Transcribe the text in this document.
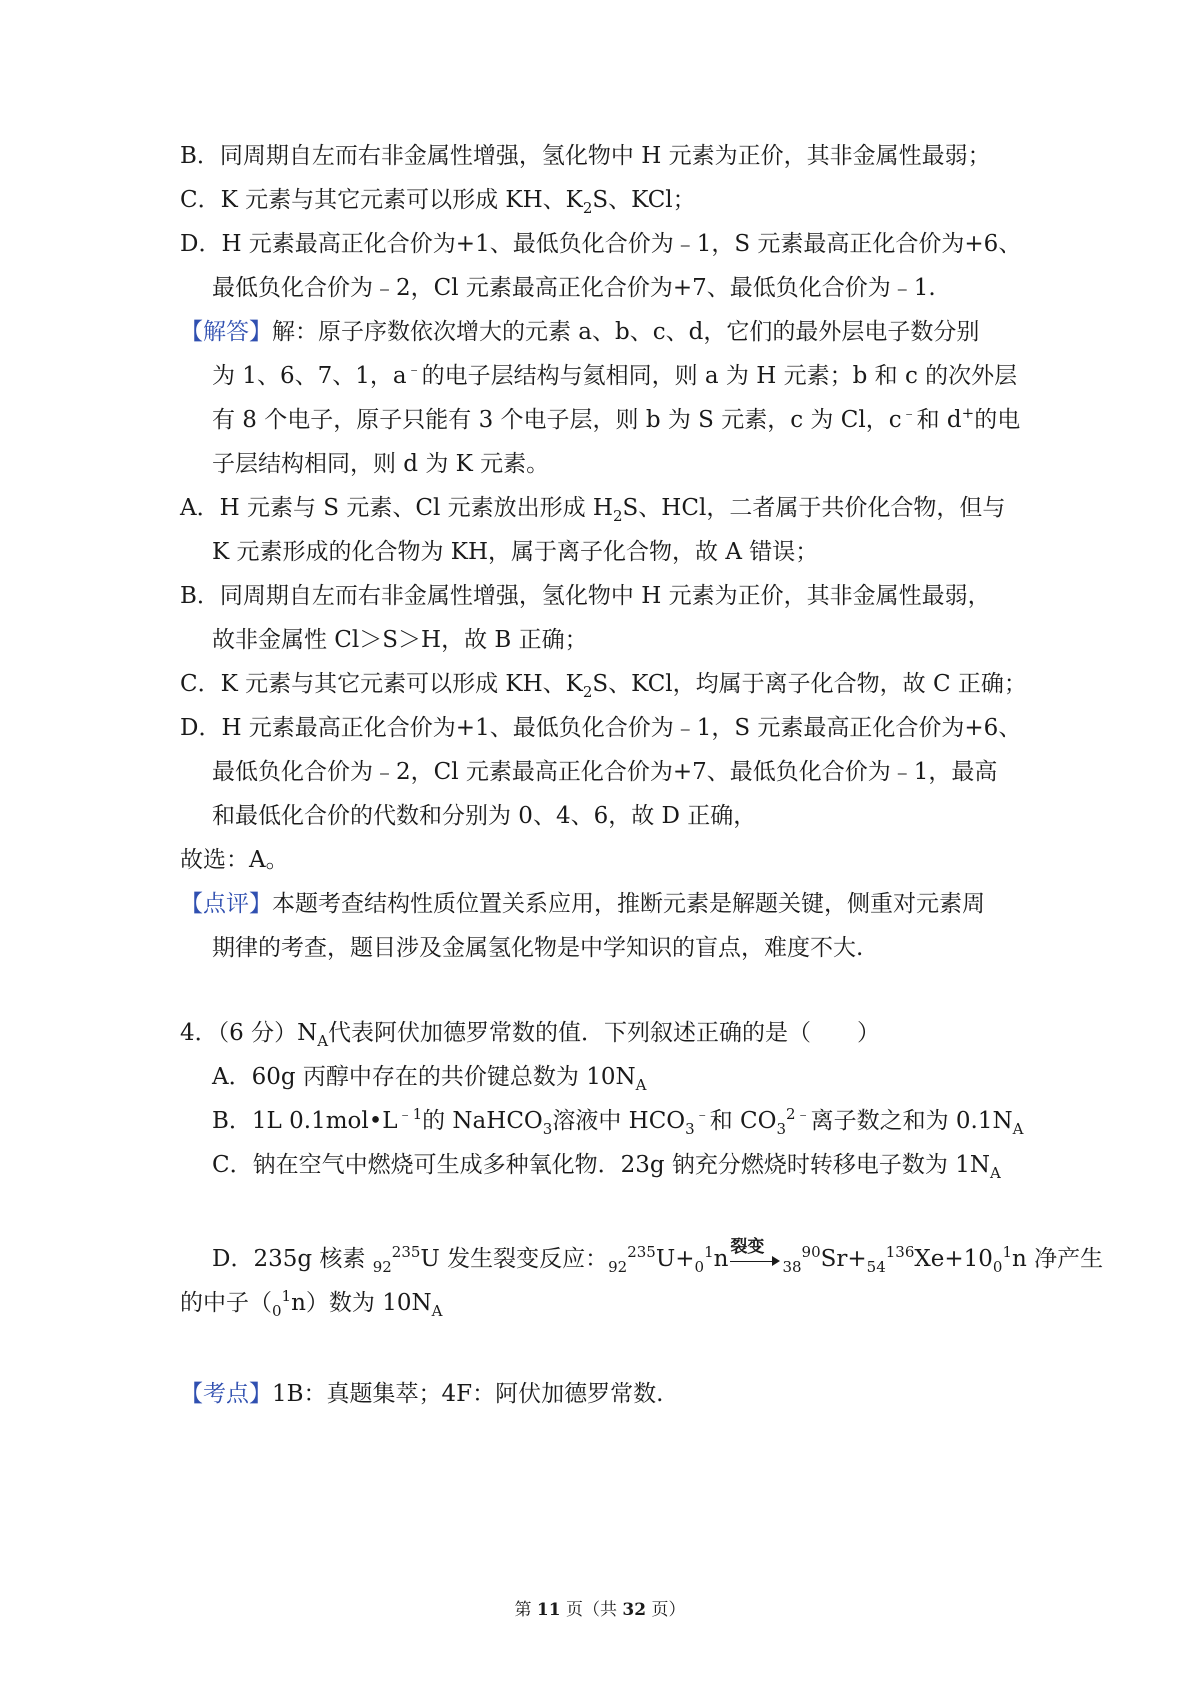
B．同周期自左而右非金属性增强，氢化物中 H 元素为正价，其非金属性最弱；
C．K 元素与其它元素可以形成 KH、$K_2S$、KCl；
D．H 元素最高正化合价为+1、最低负化合价为﹣1，S 元素最高正化合价为+6、
最低负化合价为﹣2，Cl 元素最高正化合价为+7、最低负化合价为﹣1.
【解答】解：原子序数依次增大的元素 a、b、c、d，它们的最外层电子数分别
为 1、6、7、1，a﹣的电子层结构与氦相同，则 a 为 H 元素；b 和 c 的次外层
有 8 个电子，原子只能有 3 个电子层，则 b 为 S 元素，c 为 Cl，c﹣和 d+的电
子层结构相同，则 d 为 K 元素。
A．H 元素与 S 元素、Cl 元素放出形成 $H_2S$、HCl，二者属于共价化合物，但与
K 元素形成的化合物为 KH，属于离子化合物，故 A 错误；
B．同周期自左而右非金属性增强，氢化物中 H 元素为正价，其非金属性最弱，
故非金属性 Cl＞S＞H，故 B 正确；
C．K 元素与其它元素可以形成 KH、$K_2S$、KCl，均属于离子化合物，故 C 正确；
D．H 元素最高正化合价为+1、最低负化合价为﹣1，S 元素最高正化合价为+6、
最低负化合价为﹣2，Cl 元素最高正化合价为+7、最低负化合价为﹣1，最高
和最低化合价的代数和分别为 0、4、6，故 D 正确，
故选：A。
【点评】本题考查结构性质位置关系应用，推断元素是解题关键，侧重对元素周
期律的考查，题目涉及金属氢化物是中学知识的盲点，难度不大.
4．（6 分）$N_A$代表阿伏加德罗常数的值．下列叙述正确的是（　　）
A．60g 丙醇中存在的共价键总数为 $10N_A$
B．1L $0.1mol•L^{﹣1}$的 NaHCO$_3$溶液中 $HCO_3^﹣$和 $CO_3^{2﹣}$离子数之和为 $0.1N_A$
C．钠在空气中燃烧可生成多种氧化物．23g 钠充分燃烧时转移电子数为 $1N_A$
D．235g 核素 $_{92}^{235}$U 发生裂变反应：$_{92}^{235}U+_0^1n$ 裂变
$_{38}^{90}Sr+_{54}^{136}Xe+10_0^1n$ 净产生
的中子$(_0^1n)$数为 $10N_A$
【考点】1B：真题集萃；4F：阿伏加德罗常数.
第 11 页（共 32 页）
